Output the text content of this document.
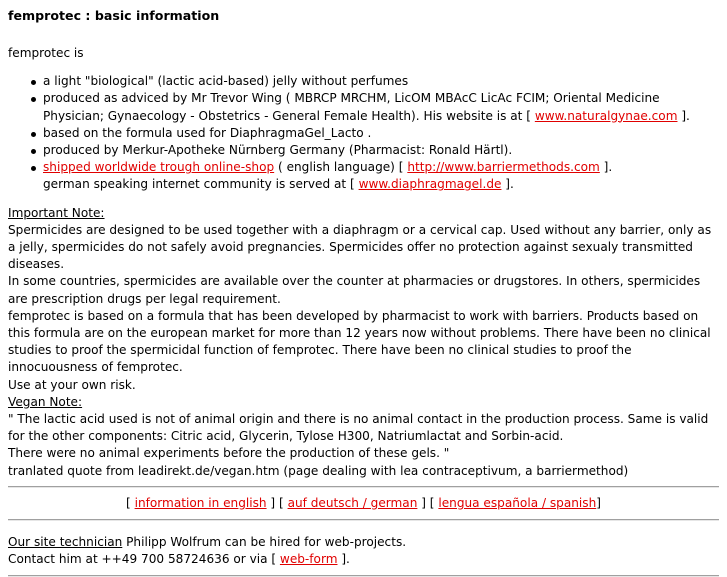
femprotec : basic information
femprotec is
a light "biological" (lactic acid-based) jelly without perfumes
produced as adviced by Mr Trevor Wing ( MBRCP MRCHM, LicOM MBAcC LicAc FCIM; Oriental Medicine Physician; Gynaecology - Obstetrics - General Female Health). His website is at [ www.naturalgynae.com ].
based on the formula used for DiaphragmaGel_Lacto .
produced by Merkur-Apotheke Nürnberg Germany (Pharmacist: Ronald Härtl).
shipped worldwide trough online-shop ( english language) [ http://www.barriermethods.com ].
german speaking internet community is served at [ www.diaphragmagel.de ].
Important Note:
Spermicides are designed to be used together with a diaphragm or a cervical cap. Used without any barrier, only as a jelly, spermicides do not safely avoid pregnancies. Spermicides offer no protection against sexualy transmitted diseases.
In some countries, spermicides are available over the counter at pharmacies or drugstores. In others, spermicides are prescription drugs per legal requirement.
femprotec is based on a formula that has been developed by pharmacist to work with barriers. Products based on this formula are on the european market for more than 12 years now without problems. There have been no clinical studies to proof the spermicidal function of femprotec. There have been no clinical studies to proof the innocuousness of femprotec.
Use at your own risk.
Vegan Note:
" The lactic acid used is not of animal origin and there is no animal contact in the production process. Same is valid for the other components: Citric acid, Glycerin, Tylose H300, Natriumlactat and Sorbin-acid.
There were no animal experiments before the production of these gels. "
tranlated quote from leadirekt.de/vegan.htm (page dealing with lea contraceptivum, a barriermethod)
[ information in english ] [ auf deutsch / german ] [ lengua española / spanish]
Our site technician Philipp Wolfrum can be hired for web-projects.
Contact him at ++49 700 58724636 or via [ web-form ].
